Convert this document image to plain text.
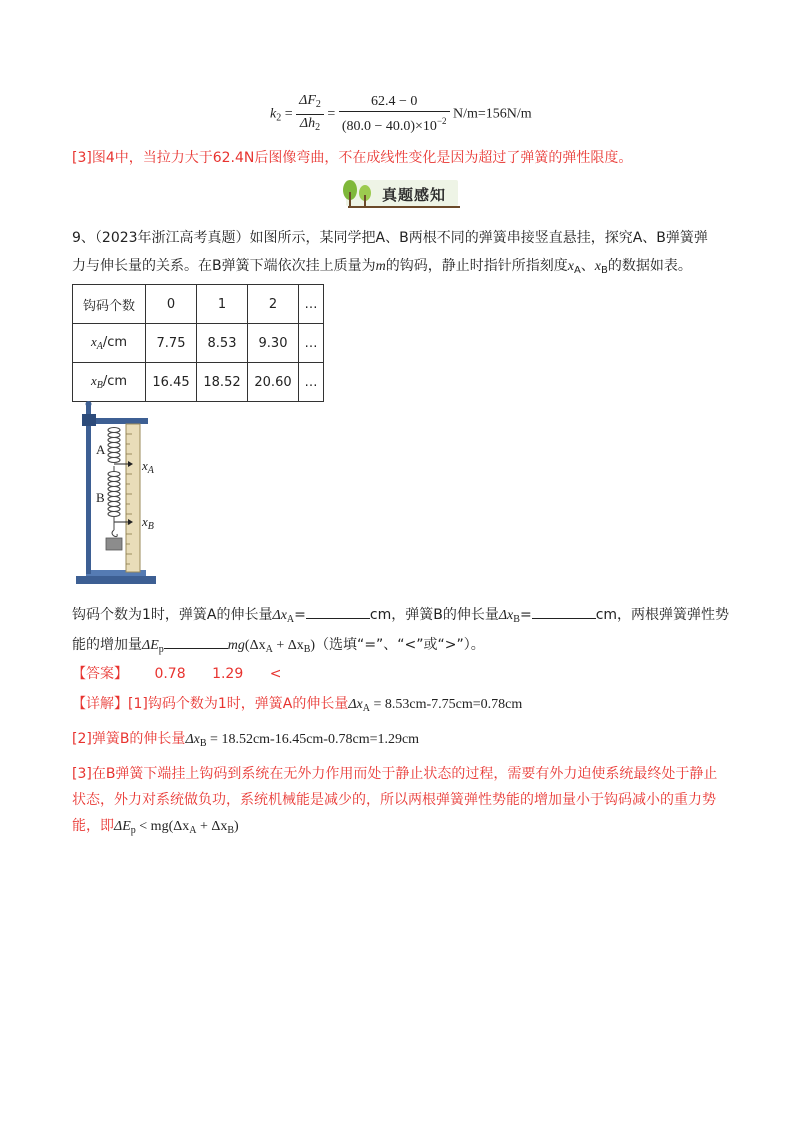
$k_2 = \frac{\Delta F_2}{\Delta h_2} = \frac{62.4 - 0}{(80.0 - 40.0)\times 10^{-2}} N/m=156N/m$
[3]图4中，当拉力大于62.4N后图像弯曲，不在成线性变化是因为超过了弹簧的弹性限度。
真题感知
9、（2023年浙江高考真题）如图所示，某同学把A、B两根不同的弹簧串接竖直悬挂，探究A、B弹簧弹
力与伸长量的关系。在B弹簧下端依次挂上质量为m的钩码，静止时指针所指刻度$x_A$、$x_B$的数据如表。
钩码个数	0	1	2	…
$x_A/cm$	7.75	8.53	9.30	…
$x_B/cm$	16.45	18.52	20.60	…
A
B
$x_A$
$x_B$
钩码个数为1时，弹簧A的伸长量$\Delta x_A=$	cm，弹簧B的伸长量$\Delta x_B=$	cm，两根弹簧弹性势
能的增加量$\Delta E_p$	$mg(\Delta x_A + \Delta x_B)$（选填“=”、“<”或“>”）。
【答案】 0.78 1.29 <
【详解】[1]钩码个数为1时，弹簧A的伸长量$\Delta x_A = 8.53cm-7.75cm=0.78cm$
[2]弹簧B的伸长量$\Delta x_B = 18.52cm-16.45cm-0.78cm=1.29cm$
[3]在B弹簧下端挂上钩码到系统在无外力作用而处于静止状态的过程，需要有外力迫使系统最终处于静止
状态，外力对系统做负功，系统机械能是减少的，所以两根弹簧弹性势能的增加量小于钩码减小的重力势
能，即$\Delta E_p < mg(\Delta x_A + \Delta x_B)$
